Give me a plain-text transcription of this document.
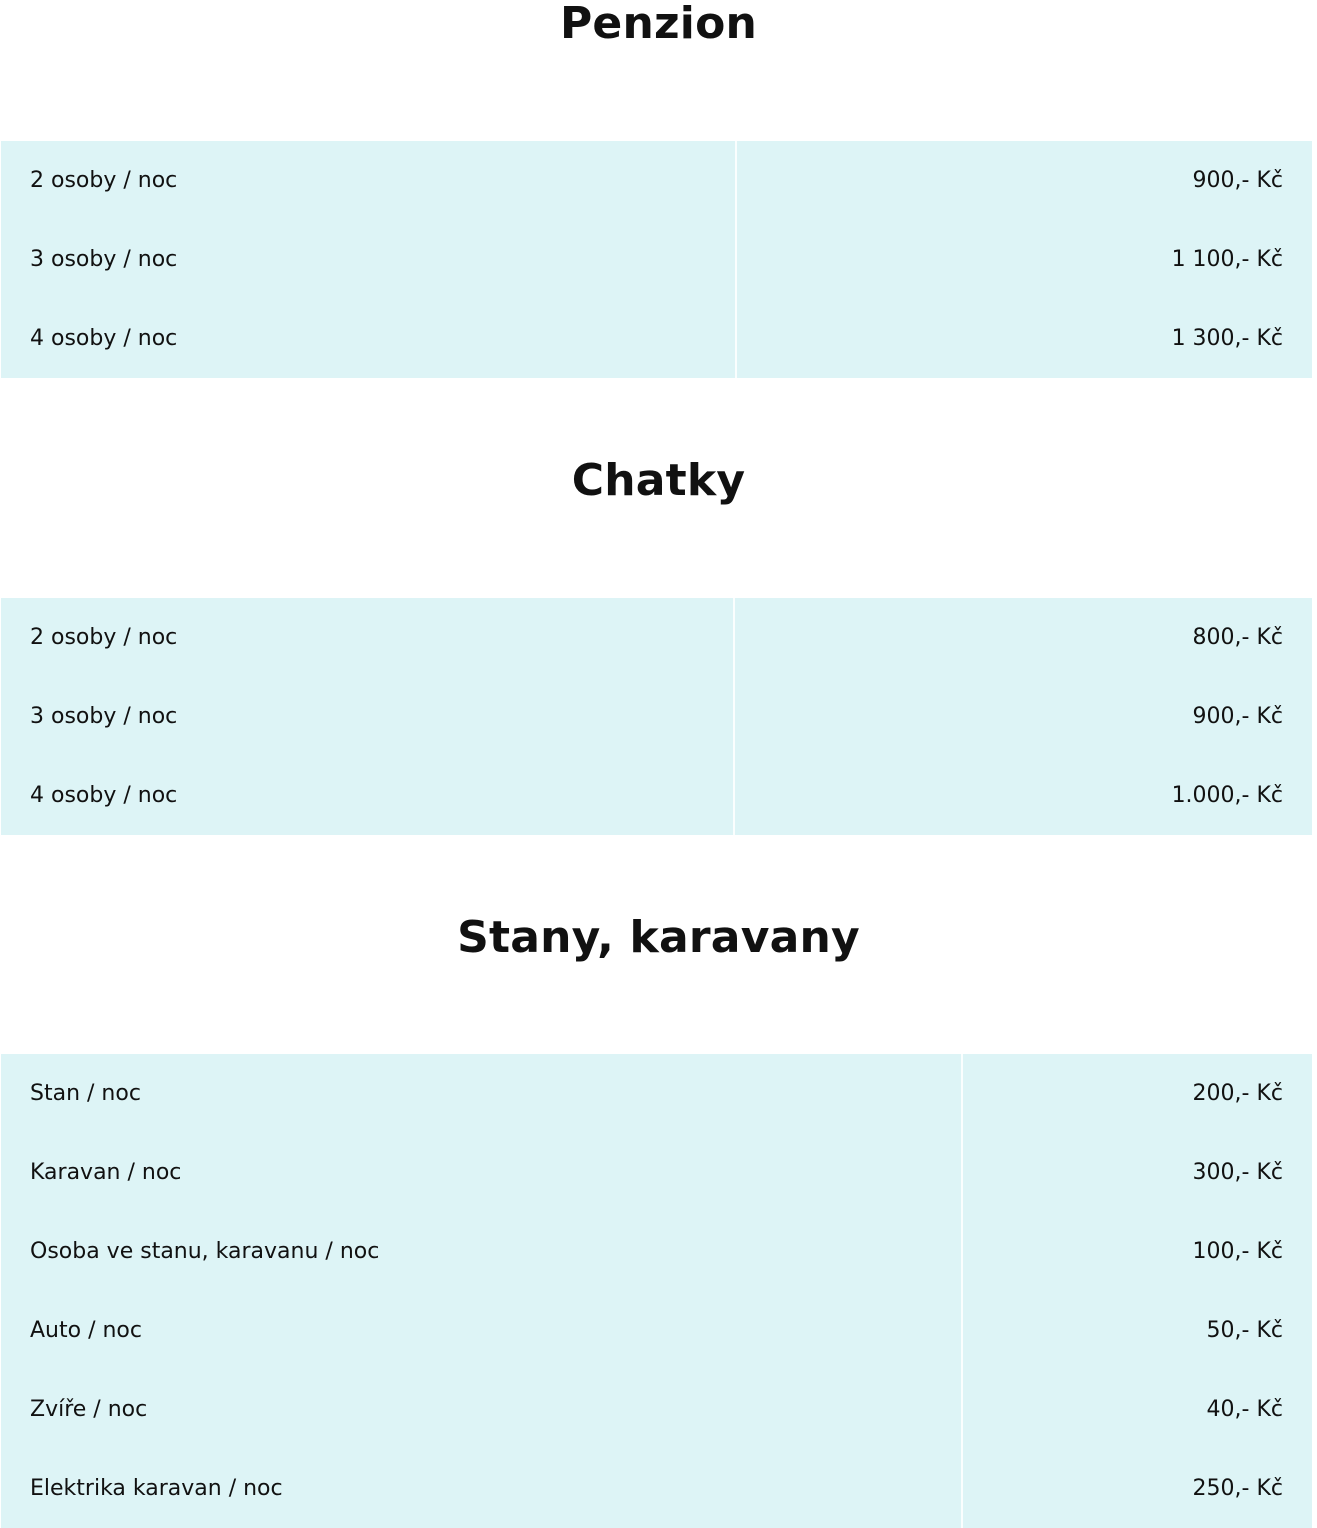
Penzion
2 osoby / noc	900,- Kč
3 osoby / noc	1 100,- Kč
4 osoby / noc	1 300,- Kč
Chatky
2 osoby / noc	800,- Kč
3 osoby / noc	900,- Kč
4 osoby / noc	1.000,- Kč
Stany, karavany
Stan / noc	200,- Kč
Karavan / noc	300,- Kč
Osoba ve stanu, karavanu / noc	100,- Kč
Auto / noc	50,- Kč
Zvíře / noc	40,- Kč
Elektrika karavan / noc	250,- Kč
